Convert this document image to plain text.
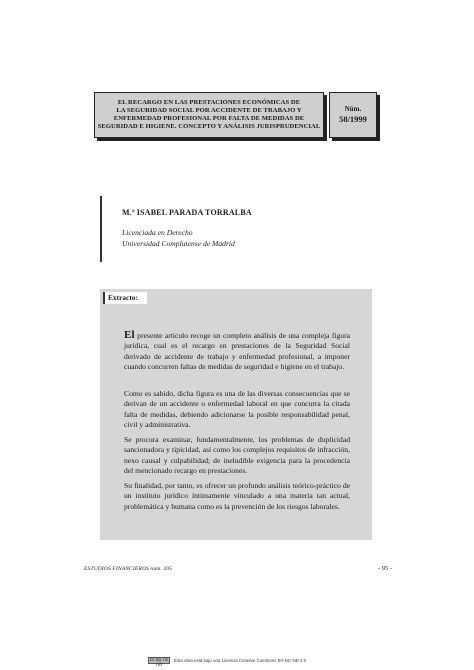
EL RECARGO EN LAS PRESTACIONES ECONÓMICAS DE
LA SEGURIDAD SOCIAL POR ACCIDENTE DE TRABAJO Y
ENFERMEDAD PROFESIONAL POR FALTA DE MEDIDAS DE
SEGURIDAD E HIGIENE. CONCEPTO Y ANÁLISIS JURISPRUDENCIAL
Núm.
58/1999
M.ª ISABEL PARADA TORRALBA
Licenciada en Derecho
Universidad Complutense de Madrid
Extracto:

El presente artículo recoge un completo análisis de una compleja figura jurídica, cual es el recargo en prestaciones de la Seguridad Social derivado de accidente de trabajo y enfermedad profesional, a imponer cuando concurren faltas de medidas de seguridad e higiene en el trabajo.

Como es sabido, dicha figura es una de las diversas consecuencias que se derivan de un accidente o enfermedad laboral en que concurra la citada falta de medidas, debiendo adicionarse la posible responsabilidad penal, civil y administrativa.

Se procura examinar, fundamentalmente, los problemas de duplicidad sancionadora y tipicidad, así como los complejos requisitos de infracción, nexo causal y culpabilidad; de ineludible exigencia para la procedencia del mencionado recargo en prestaciones.

Su finalidad, por tanto, es ofrecer un profundo análisis teórico-práctico de un instituto jurídico íntimamente vinculado a una materia tan actual, problemática y humana como es la prevención de los riesgos laborales.

ESTUDIOS FINANCIEROS núm. 205	- 95 -
cc by nc nd
Esta obra está bajo una Licencia Creative Commons BY-NC-ND 4.0
